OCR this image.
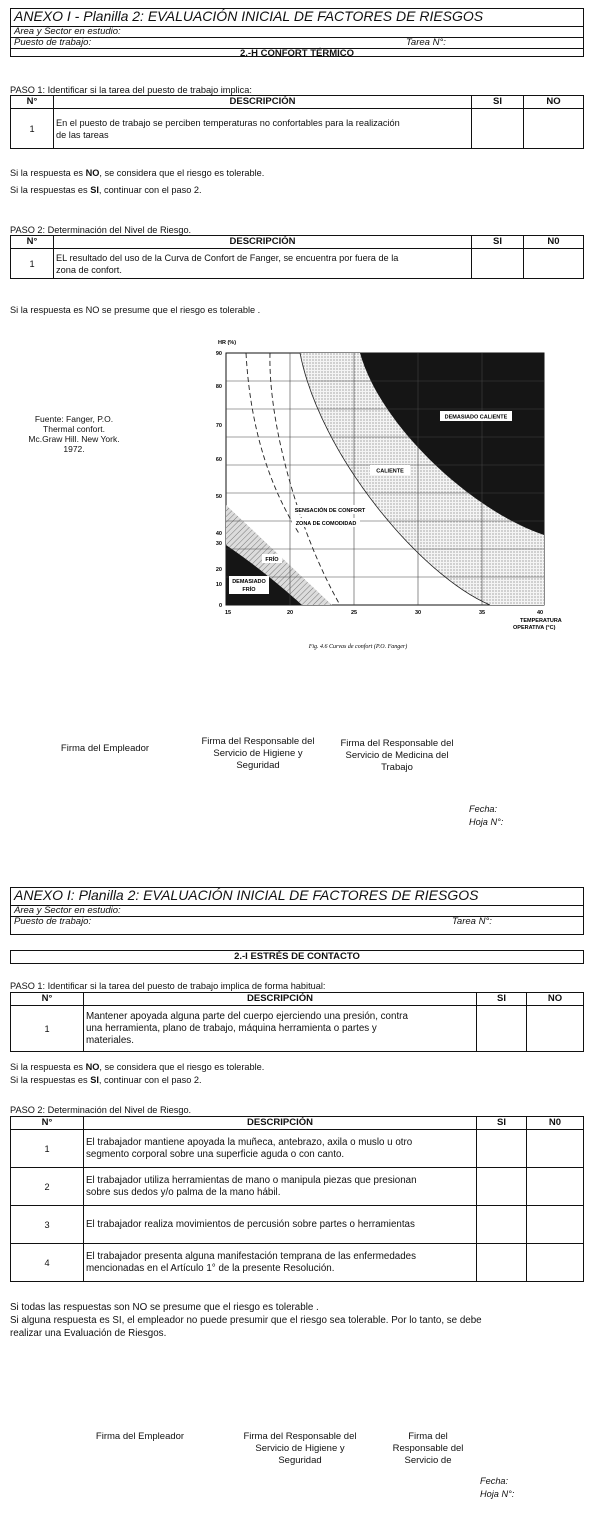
ANEXO I - Planilla 2: EVALUACIÓN INICIAL DE FACTORES DE RIESGOS
Área y Sector en estudio:
Puesto de trabajo:	Tarea N°:
2.-H CONFORT TÉRMICO
PASO 1: Identificar si la tarea del puesto de trabajo implica:
N°	DESCRIPCIÓN	SI	NO
1	En el puesto de trabajo se perciben temperaturas no confortables para la realización
de las tareas		

Si la respuesta es NO, se considera que el riesgo es tolerable.
Si la respuestas es SI, continuar con el paso 2.
PASO 2: Determinación del Nivel de Riesgo.
N°	DESCRIPCIÓN	SI	N0
1	EL resultado del uso de la Curva de Confort de Fanger, se encuentra por fuera de la
zona de confort.		

Si la respuesta es NO se presume que el riesgo es tolerable .
Fuente: Fanger, P.O.
Thermal confort.
Mc.Graw Hill. New York.
1972.
HR (%)
90
80
70
60
50
40
30
20
10
0
15	20	25	30	35	40
TEMPERATURA
OPERATIVA (°C)
DEMASIADO CALIENTE
CALIENTE
SENSACIÓN DE CONFORT
ZONA DE COMODIDAD
FRÍO
DEMASIADO
FRÍO
Fig. 4.6 Curvas de confort (P.O. Fanger)
Firma del Empleador
Firma del Responsable del
Servicio de Higiene y
Seguridad
Firma del Responsable del
Servicio de Medicina del
Trabajo
Fecha:
Hoja N°:
ANEXO I: Planilla 2: EVALUACIÓN INICIAL DE FACTORES DE RIESGOS
Área y Sector en estudio:
Puesto de trabajo:	Tarea N°:
2.-I ESTRÉS DE CONTACTO
PASO 1: Identificar si la tarea del puesto de trabajo implica de forma habitual:
N°	DESCRIPCIÓN	SI	NO
1	Mantener apoyada alguna parte del cuerpo ejerciendo una presión, contra
una herramienta, plano de trabajo, máquina herramienta o partes y
materiales.		

Si la respuesta es NO, se considera que el riesgo es tolerable.
Si la respuestas es SI, continuar con el paso 2.
PASO 2: Determinación del Nivel de Riesgo.
N°	DESCRIPCIÓN	SI	N0
1	El trabajador mantiene apoyada la muñeca, antebrazo, axila o muslo u otro
segmento corporal sobre una superficie aguda o con canto.		

2	El trabajador utiliza herramientas de mano o manipula piezas que presionan
sobre sus dedos y/o palma de la mano hábil.		

3	El trabajador realiza movimientos de percusión sobre partes o herramientas		

4	El trabajador presenta alguna manifestación temprana de las enfermedades
mencionadas en el Artículo 1° de la presente Resolución.		

Si todas las respuestas son NO se presume que el riesgo es tolerable .
Si alguna respuesta es SI, el empleador no puede presumir que el riesgo sea tolerable. Por lo tanto, se debe
realizar una Evaluación de Riesgos.
Firma del Empleador	Firma del Responsable del
Servicio de Higiene y
Seguridad
Firma del
Responsable del
Servicio de
Fecha:
Hoja N°:
